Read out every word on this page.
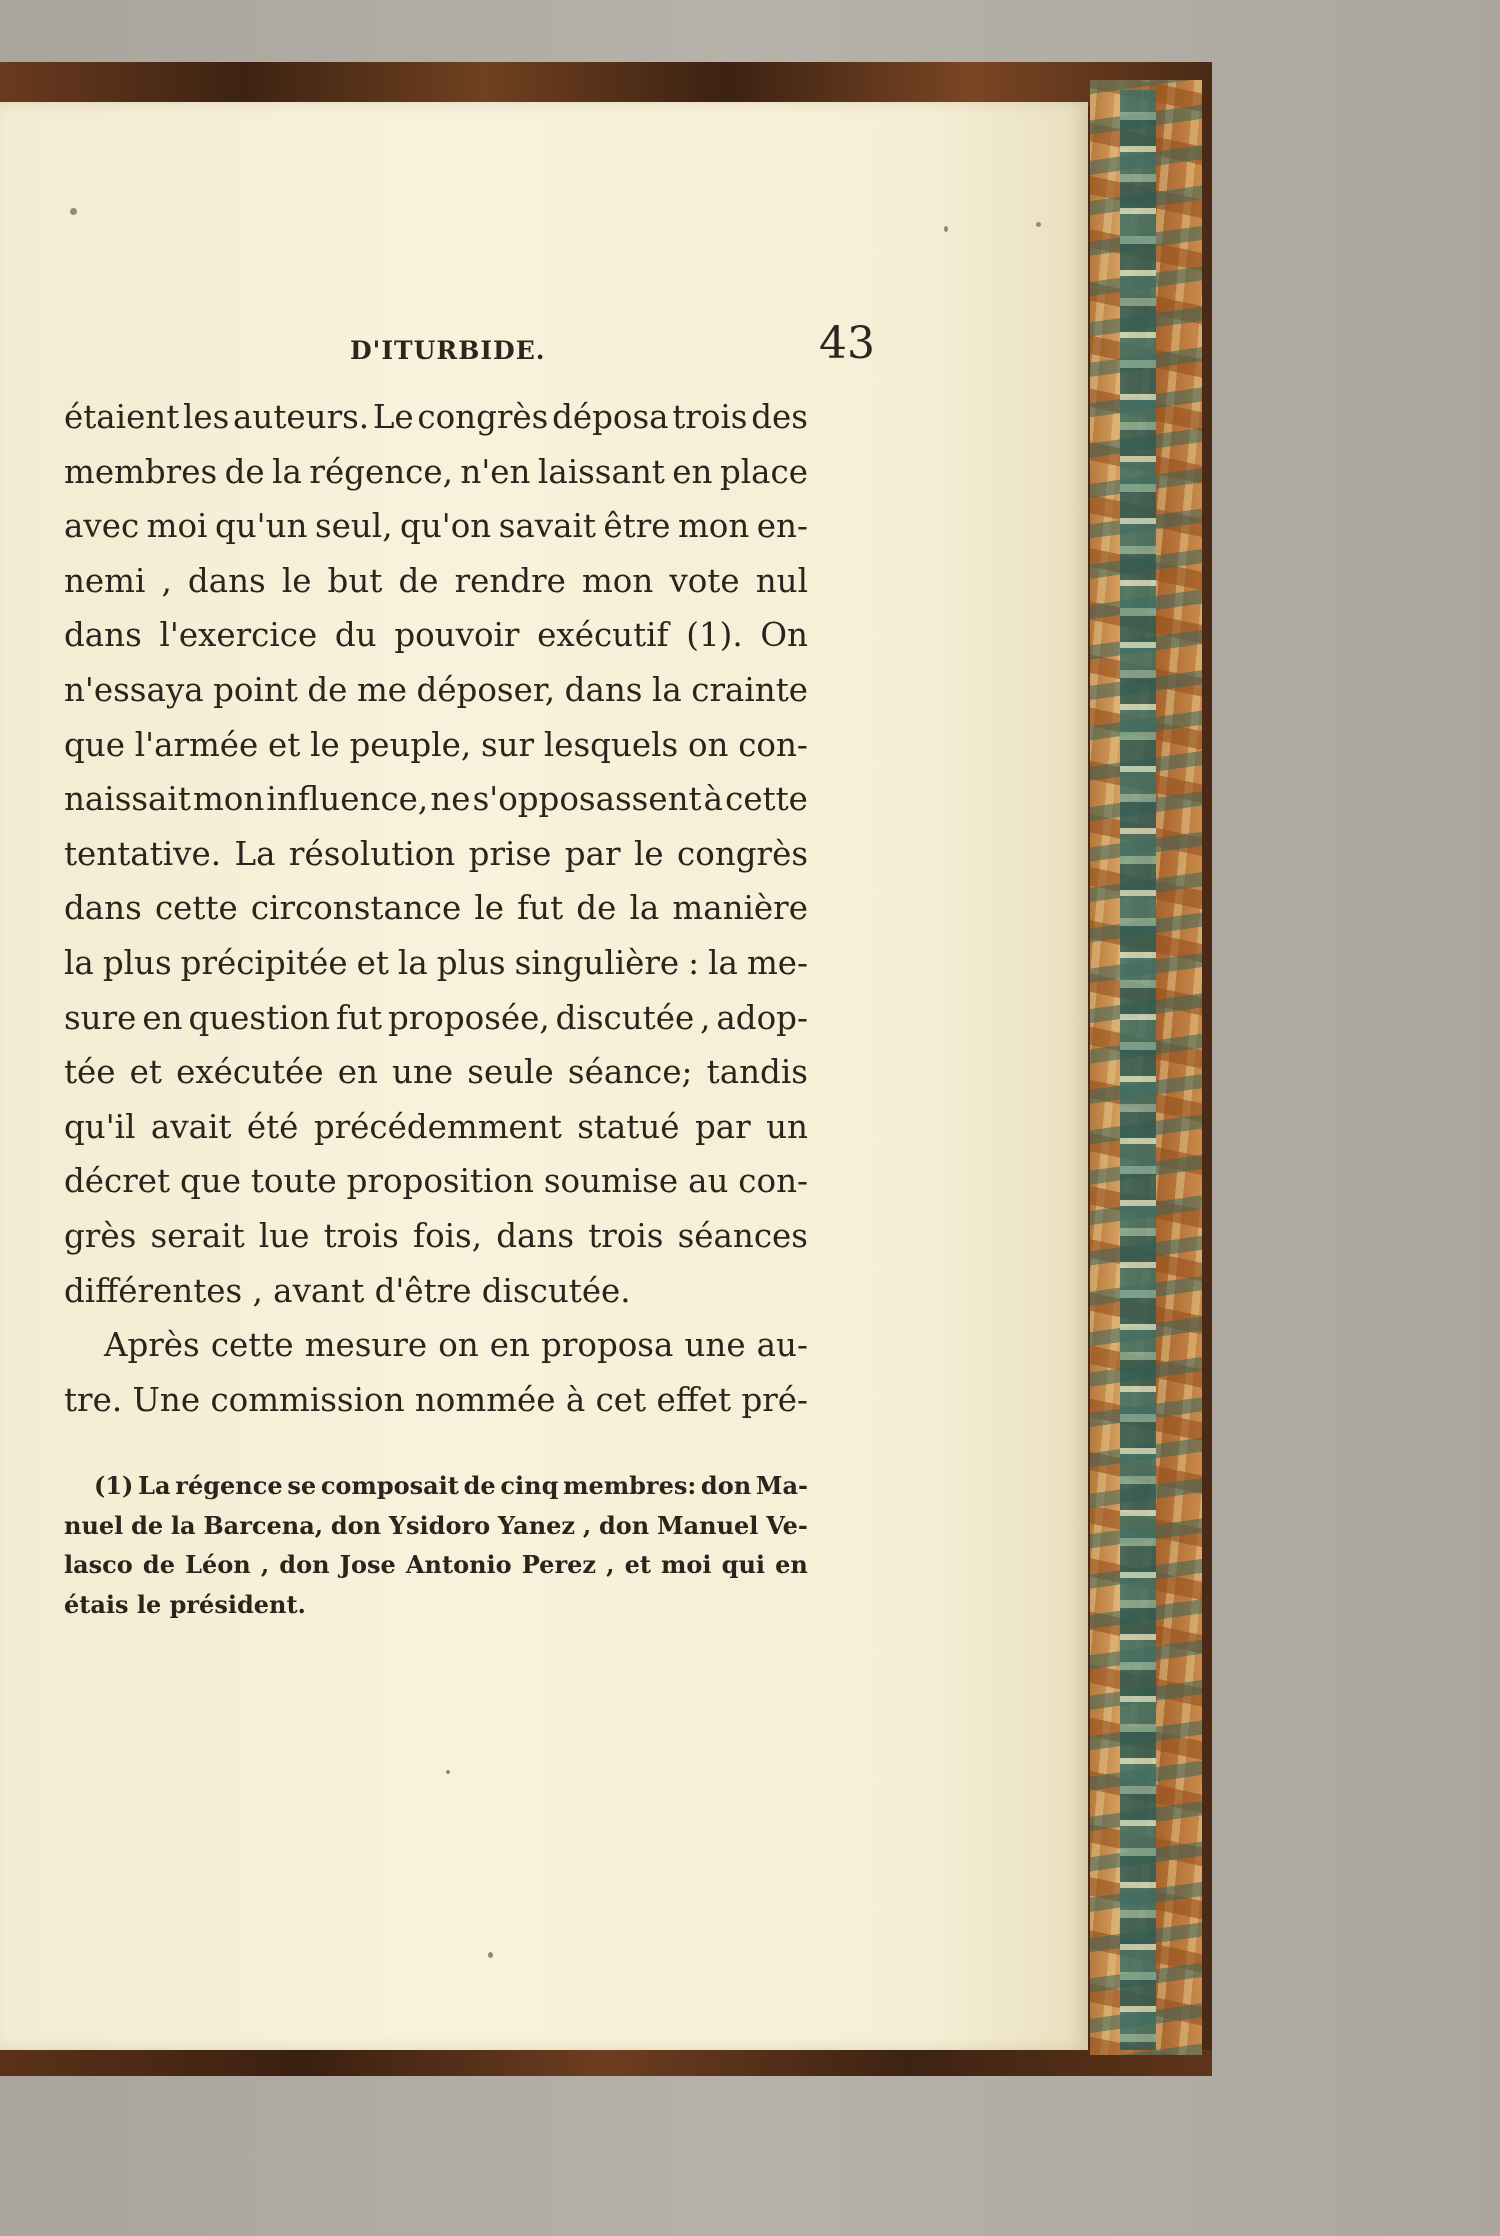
D'ITURBIDE.	43
étaient les auteurs. Le congrès déposa trois des
membres de la régence, n'en laissant en place
avec moi qu'un seul, qu'on savait être mon en-
nemi , dans le but de rendre mon vote nul
dans l'exercice du pouvoir exécutif (1). On
n'essaya point de me déposer, dans la crainte
que l'armée et le peuple, sur lesquels on con-
naissait mon influence, ne s'opposassent à cette
tentative. La résolution prise par le congrès
dans cette circonstance le fut de la manière
la plus précipitée et la plus singulière : la me-
sure en question fut proposée, discutée , adop-
tée et exécutée en une seule séance; tandis
qu'il avait été précédemment statué par un
décret que toute proposition soumise au con-
grès serait lue trois fois, dans trois séances
différentes , avant d'être discutée.
Après cette mesure on en proposa une au-
tre. Une commission nommée à cet effet pré-
(1) La régence se composait de cinq membres: don Ma-
nuel de la Barcena, don Ysidoro Yanez , don Manuel Ve-
lasco de Léon , don Jose Antonio Perez , et moi qui en
étais le président.
